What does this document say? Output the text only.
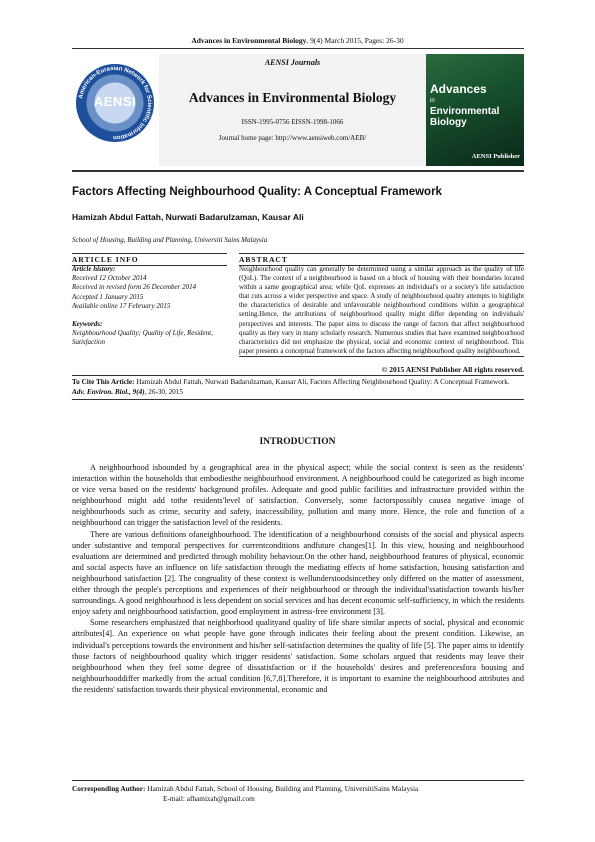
Advances in Environmental Biology, 9(4) March 2015, Pages: 26-30
American-Eurasian Network for Scientific Information
AENSI
AENSI Journals
Advances in Environmental Biology
ISSN-1995-0756 EISSN-1998-1066
Journal home page: http://www.aensiweb.com/AEB/
Advances
in
Environmental Biology
AENSI Publisher
Factors Affecting Neighbourhood Quality: A Conceptual Framework
Hamizah Abdul Fattah, Nurwati Badarulzaman, Kausar Ali
School of Housing, Building and Planning, Universiti Sains Malaysia
ARTICLE INFO	ABSTRACT
Article history:
Received 12 October 2014
Received in revised form 26 December 2014
Accepted 1 January 2015
Available online 17 February 2015
Keywords:
Neighbourhood Quality; Quality of Life, Resident, Satisfaction
Neighbourhood quality can generally be determined using a similar approach as the quality of life (QoL). The context of a neighbourhood is based on a block of housing with their boundaries located within a same geographical area; while QoL expresses an individual's or a society's life satisfaction that cuts across a wider perspective and space. A study of neighbourhood quality attempts to highlight the characteristics of desirable and unfavourable neighbourhood conditions within a geographical setting.Hence, the attributions of neighbourhood quality might differ depending on individuals' perspectives and interests. The paper aims to discuss the range of factors that affect neighbourhood quality as they vary in many scholarly research. Numerous studies that have examined neighbourhood characteristics did not emphasize the physical, social and economic context of neighbourhood. This paper presents a conceptual framework of the factors affecting neighbourhood quality neighbourhood.
© 2015 AENSI Publisher All rights reserved.
To Cite This Article: Hamizah Abdul Fattah, Nurwati Badarulzaman, Kausar Ali, Factors Affecting Neighbourhood Quality: A Conceptual Framework. Adv. Environ. Biol., 9(4), 26-30, 2015
INTRODUCTION

A neighbourhood isbounded by a geographical area in the physical aspect; while the social context is seen as the residents' interaction within the households that embodiesthe neighbourhood environment. A neighbourhood could be categorized as high income or vice versa based on the residents' background profiles. Adequate and good public facilities and infrastructure provided within the neighbourhood might add tothe residents'level of satisfaction. Conversely, some factorspossibly causea negative image of neighbourhoods such as crime, security and safety, inaccessibility, pollution and many more. Hence, the role and function of a neighbourhood can trigger the satisfaction level of the residents.

There are various definitions ofaneighbourhood. The identification of a neighbourhood consists of the social and physical aspects under substantive and temporal perspectives for currentconditions andfuture changes[1]. In this view, housing and neighbourhood evaluations are determined and predicted through mobility behaviour.On the other hand, neighbourhood features of physical, economic and social aspects have an influence on life satisfaction through the mediating effects of home satisfaction, housing satisfaction and neighbourhood satisfaction [2]. The congruality of these context is wellunderstoodsincethey only differed on the matter of assessment, either through the people's perceptions and experiences of their neighbourhood or through the individual'ssatisfaction towards his/her surroundings. A good neighbourhood is less dependent on social services and has decent economic self-sufficiency, in which the residents enjoy safety and neighbourhood satisfaction, good employment in astress-free environment [3].

Some researchers emphasized that neighborhood qualityand quality of life share similar aspects of social, physical and economic attributes[4]. An experience on what people have gone through indicates their feeling about the present condition. Likewise, an individual's perceptions towards the environment and his/her self-satisfaction determines the quality of life [5]. The paper aims to identify those factors of neighbourhood quality which trigger residents' satisfaction. Some scholars argued that residents may leave their neighbourhood when they feel some degree of dissatisfaction or if the households' desires and preferencesfora housing and neighbourhooddiffer markedly from the actual condition [6,7,8].Therefore, it is important to examine the neighbourhood attributes and the residents' satisfaction towards their physical environmental, economic and

Corresponding Author: Hamizah Abdul Fattah, School of Housing, Building and Planning, UniversitiSains Malaysia
E-mail: afhamizah@gmail.com
